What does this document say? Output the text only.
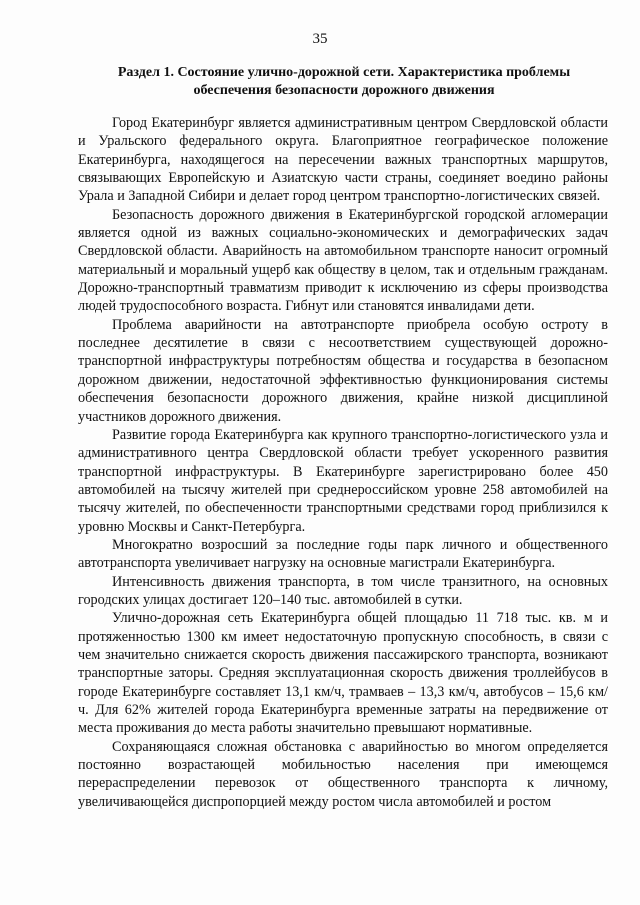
35
Раздел 1. Состояние улично-дорожной сети. Характеристика проблемы обеспечения безопасности дорожного движения

Город Екатеринбург является административным центром Свердловской области и Уральского федерального округа. Благоприятное географическое положение Екатеринбурга, находящегося на пересечении важных транспортных маршрутов, связывающих Европейскую и Азиатскую части страны, соединяет воедино районы Урала и Западной Сибири и делает город центром транспортно-логистических связей.

Безопасность дорожного движения в Екатеринбургской городской агломерации является одной из важных социально-экономических и демографических задач Свердловской области. Аварийность на автомобильном транспорте наносит огромный материальный и моральный ущерб как обществу в целом, так и отдельным гражданам. Дорожно-транспортный травматизм приводит к исключению из сферы производства людей трудоспособного возраста. Гибнут или становятся инвалидами дети.

Проблема аварийности на автотранспорте приобрела особую остроту в последнее десятилетие в связи с несоответствием существующей дорожно-транспортной инфраструктуры потребностям общества и государства в безопасном дорожном движении, недостаточной эффективностью функционирования системы обеспечения безопасности дорожного движения, крайне низкой дисциплиной участников дорожного движения.

Развитие города Екатеринбурга как крупного транспортно-логистического узла и административного центра Свердловской области требует ускоренного развития транспортной инфраструктуры. В Екатеринбурге зарегистрировано более 450 автомобилей на тысячу жителей при среднероссийском уровне 258 автомобилей на тысячу жителей, по обеспеченности транспортными средствами город приблизился к уровню Москвы и Санкт-Петербурга.

Многократно возросший за последние годы парк личного и общественного автотранспорта увеличивает нагрузку на основные магистрали Екатеринбурга.

Интенсивность движения транспорта, в том числе транзитного, на основных городских улицах достигает 120–140 тыс. автомобилей в сутки.

Улично-дорожная сеть Екатеринбурга общей площадью 11 718 тыс. кв. м и протяженностью 1300 км имеет недостаточную пропускную способность, в связи с чем значительно снижается скорость движения пассажирского транспорта, возникают транспортные заторы. Средняя эксплуатационная скорость движения троллейбусов в городе Екатеринбурге составляет 13,1 км/ч, трамваев – 13,3 км/ч, автобусов – 15,6 км/ч. Для 62% жителей города Екатеринбурга временные затраты на передвижение от места проживания до места работы значительно превышают нормативные.

Сохраняющаяся сложная обстановка с аварийностью во многом определяется постоянно возрастающей мобильностью населения при имеющемся перераспределении перевозок от общественного транспорта к личному, увеличивающейся диспропорцией между ростом числа автомобилей и ростом
